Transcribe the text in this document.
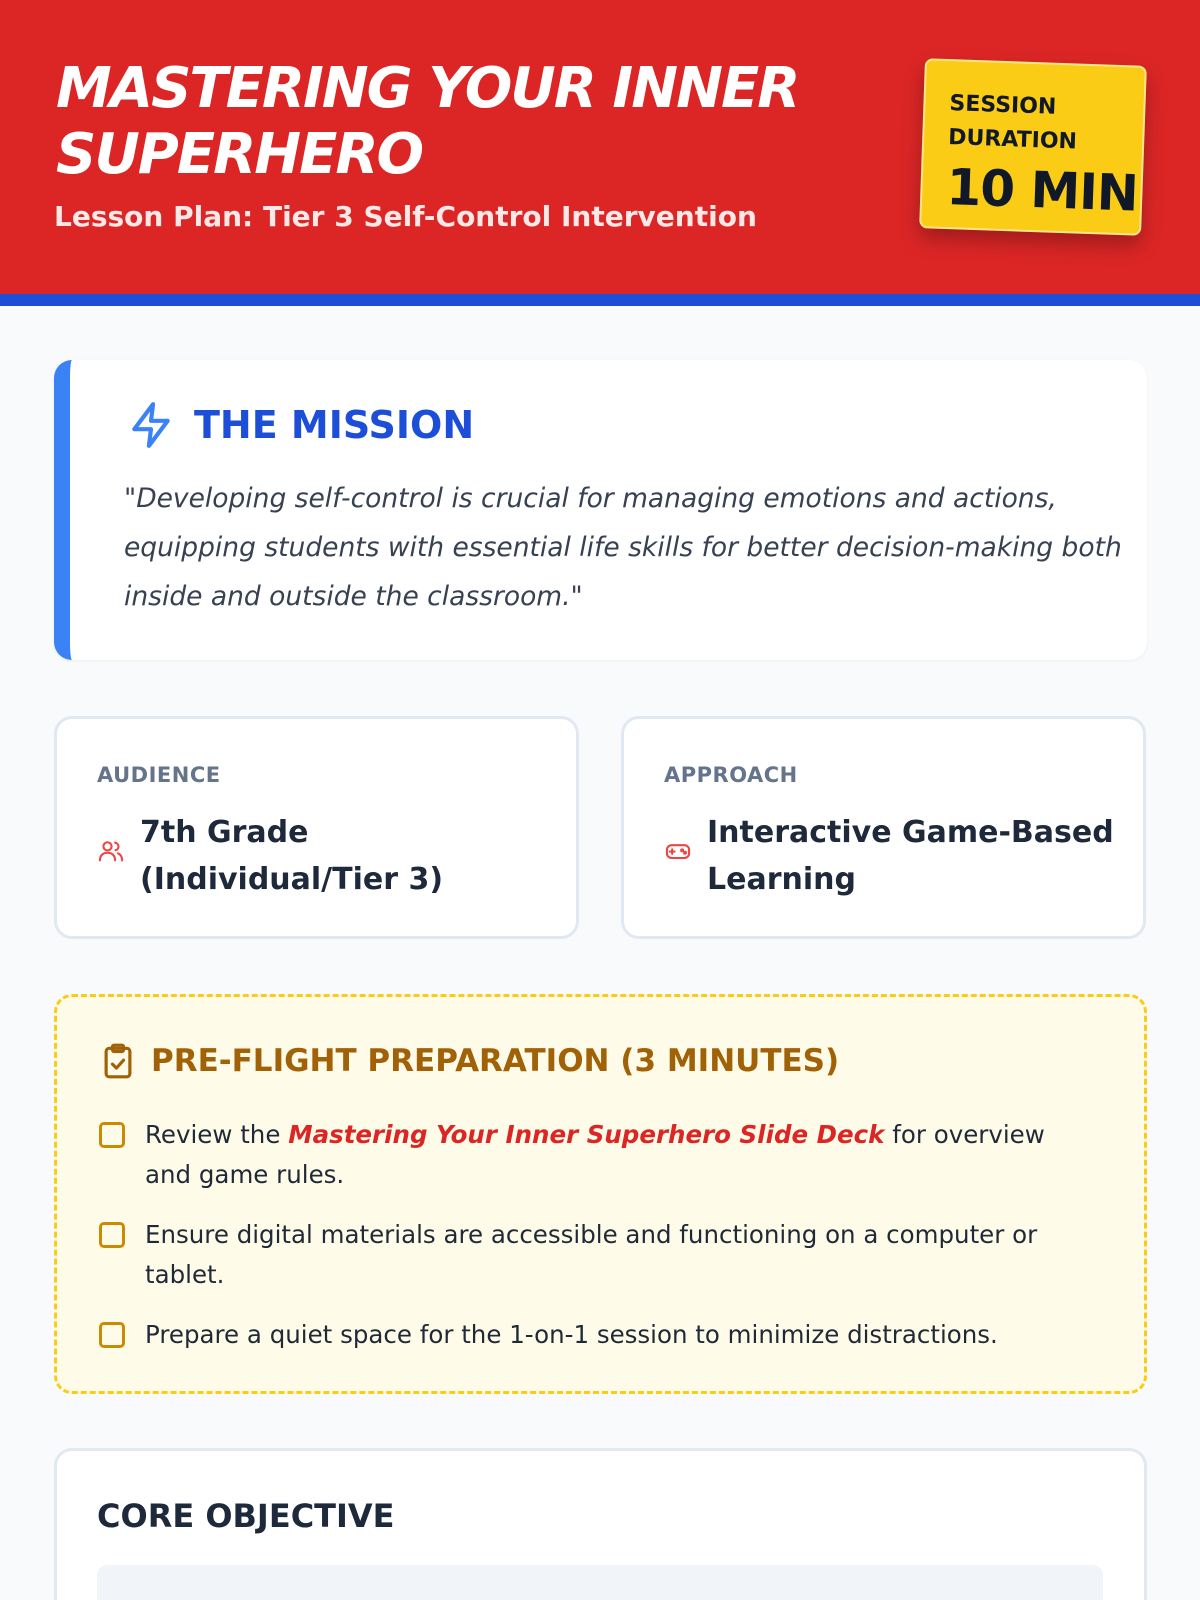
MASTERING YOUR INNER SUPERHERO
Lesson Plan: Tier 3 Self-Control Intervention
SESSION DURATION
10 MIN
THE MISSION

"Developing self-control is crucial for managing emotions and actions, equipping students with essential life skills for better decision-making both inside and outside the classroom."

AUDIENCE
7th Grade (Individual/Tier 3)
APPROACH
Interactive Game-Based Learning
PRE-FLIGHT PREPARATION (3 MINUTES)
Review the Mastering Your Inner Superhero Slide Deck for overview and game rules.
Ensure digital materials are accessible and functioning on a computer or tablet.
Prepare a quiet space for the 1-on-1 session to minimize distractions.
CORE OBJECTIVE
